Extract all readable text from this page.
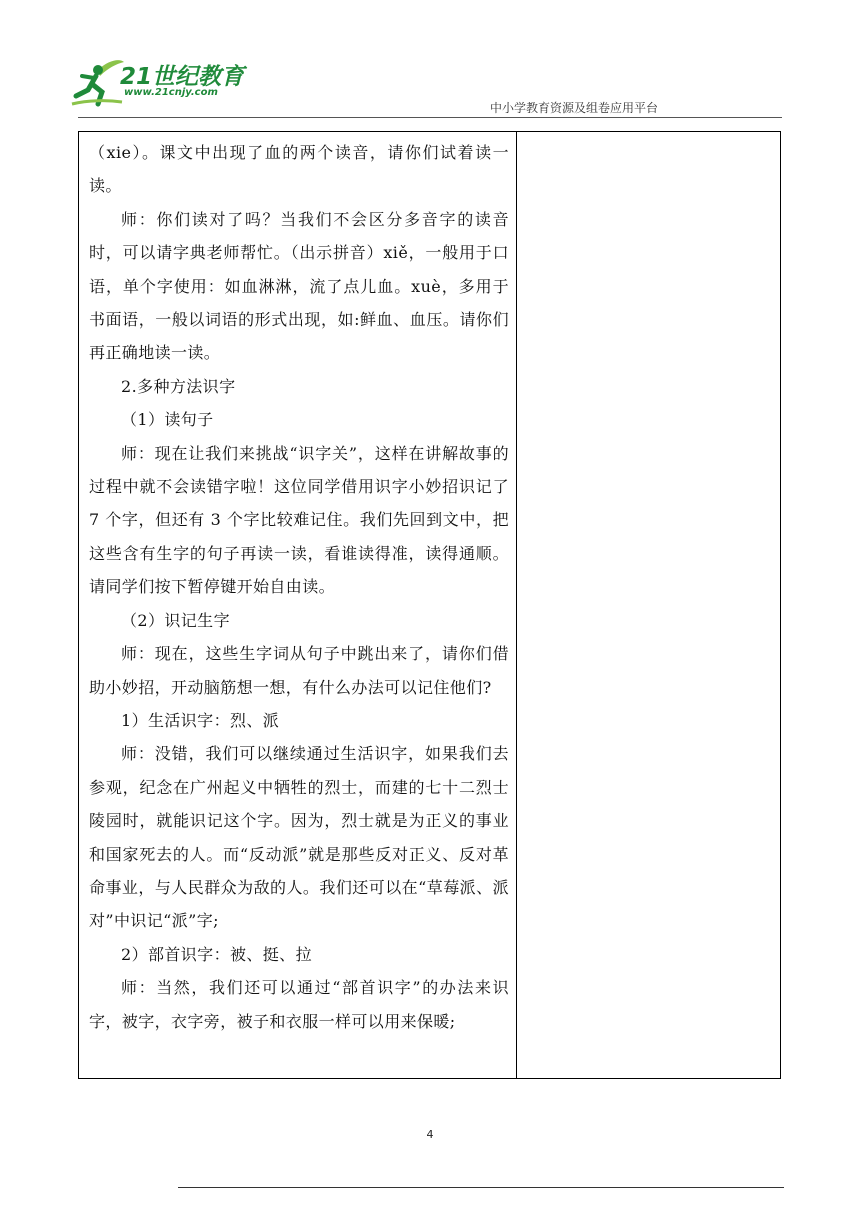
21世纪教育
www.21cnjy.com
中小学教育资源及组卷应用平台

（xie）。课文中出现了血的两个读音，请你们试着读一读。

师：你们读对了吗？当我们不会区分多音字的读音时，可以请字典老师帮忙。（出示拼音）xiě，一般用于口语，单个字使用：如血淋淋，流了点儿血。xuè，多用于书面语，一般以词语的形式出现，如:鲜血、血压。请你们再正确地读一读。

2.多种方法识字

（1）读句子

师：现在让我们来挑战“识字关”，这样在讲解故事的过程中就不会读错字啦！这位同学借用识字小妙招识记了 7 个字，但还有 3 个字比较难记住。我们先回到文中，把这些含有生字的句子再读一读，看谁读得准，读得通顺。请同学们按下暂停键开始自由读。

（2）识记生字

师：现在，这些生字词从句子中跳出来了，请你们借助小妙招，开动脑筋想一想，有什么办法可以记住他们?

1）生活识字：烈、派

师：没错，我们可以继续通过生活识字，如果我们去参观，纪念在广州起义中牺牲的烈士，而建的七十二烈士陵园时，就能识记这个字。因为，烈士就是为正义的事业和国家死去的人。而“反动派”就是那些反对正义、反对革命事业，与人民群众为敌的人。我们还可以在“草莓派、派对”中识记“派”字;

2）部首识字：被、挺、拉

师：当然，我们还可以通过“部首识字”的办法来识字，被字，衣字旁，被子和衣服一样可以用来保暖;

4
